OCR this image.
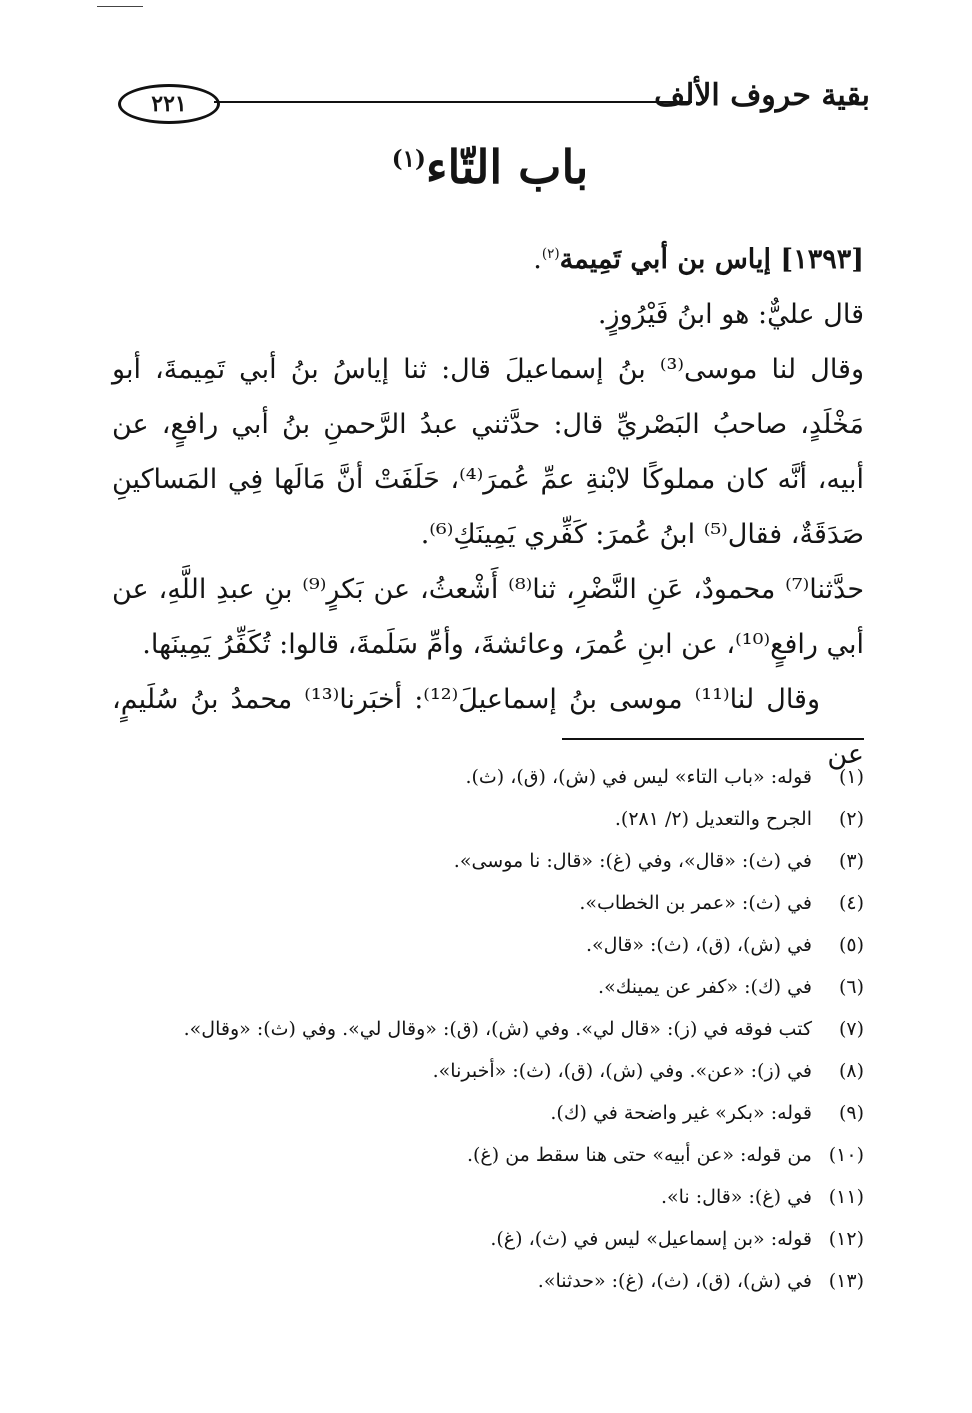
٢٢١	بقية حروف الألف
باب التّاء$^{(١)}$

[١٣٩٣] إياس بن أبي تَمِيمة$^{(٢)}$.

قال عليٌّ: هو ابنُ فَيْرُوزٍ.

وقال لنا موسى⁽³⁾ بنُ إسماعيلَ قال: ثنا إياسُ بنُ أبي تَمِيمةَ، أبو مَخْلَدٍ، صاحبُ البَصْريِّ قال: حدَّثني عبدُ الرَّحمنِ بنُ أبي رافعٍ، عن أبيه، أنَّه كان مملوكًا لابْنةِ عمِّ عُمرَ⁽⁴⁾، حَلَفَتْ أنَّ مَالَها فِي المَساكينِ صَدَقَةٌ، فقال⁽⁵⁾ ابنُ عُمرَ: كَفِّري يَمِينَكِ⁽⁶⁾.

حدَّثنا⁽⁷⁾ محمودٌ، عَنِ النَّضْرِ، ثنا⁽⁸⁾ أَشْعثُ، عن بَكرٍ⁽⁹⁾ بنِ عبدِ اللَّهِ، عن أبي رافعٍ⁽¹⁰⁾، عن ابنِ عُمرَ، وعائشةَ، وأمِّ سَلَمةَ، قالوا: تُكَفِّرُ يَمِينَها.

وقال لنا⁽¹¹⁾ موسى بنُ إسماعيلَ⁽¹²⁾: أخبَرنا⁽¹³⁾ محمدُ بنُ سُلَيمٍ، عن

(١)قوله: «باب التاء» ليس في (ش)، (ق)، (ث).

(٢)الجرح والتعديل (٢/ ٢٨١).

(٣)في (ث): «قال»، وفي (غ): «قال: نا موسى».

(٤)في (ث): «عمر بن الخطاب».

(٥)في (ش)، (ق)، (ث): «قال».

(٦)في (ك): «كفر عن يمينك».

(٧)كتب فوقه في (ز): «قال لي». وفي (ش)، (ق): «وقال لي». وفي (ث): «وقال».

(٨)في (ز): «عن». وفي (ش)، (ق)، (ث): «أخبرنا».

(٩)قوله: «بكر» غير واضحة في (ك).

(١٠)من قوله: «عن أبيه» حتى هنا سقط من (غ).

(١١)في (غ): «قال: نا».

(١٢)قوله: «بن إسماعيل» ليس في (ث)، (غ).

(١٣)في (ش)، (ق)، (ث)، (غ): «حدثنا».
